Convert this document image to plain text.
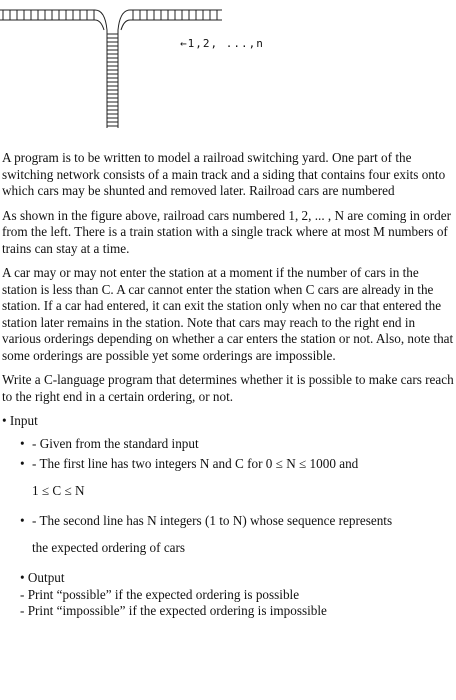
←1,2, ...,n

A program is to be written to model a railroad switching yard. One part of the switching network consists of a main track and a siding that contains four exits onto which cars may be shunted and removed later. Railroad cars are numbered

As shown in the figure above, railroad cars numbered 1, 2, ... , N are coming in order from the left. There is a train station with a single track where at most M numbers of trains can stay at a time.

A car may or may not enter the station at a moment if the number of cars in the station is less than C. A car cannot enter the station when C cars are already in the station. If a car had entered, it can exit the station only when no car that entered the station later remains in the station. Note that cars may reach to the right end in various orderings depending on whether a car enters the station or not. Also, note that some orderings are possible yet some orderings are impossible.

Write a C-language program that determines whether it is possible to make cars reach to the right end in a certain ordering, or not.

• Input
• - Given from the standard input
• - The first line has two integers N and C for 0 ≤ N ≤ 1000 and
1 ≤ C ≤ N
• - The second line has N integers (1 to N) whose sequence represents
the expected ordering of cars
• Output
- Print “possible” if the expected ordering is possible
- Print “impossible” if the expected ordering is impossible
